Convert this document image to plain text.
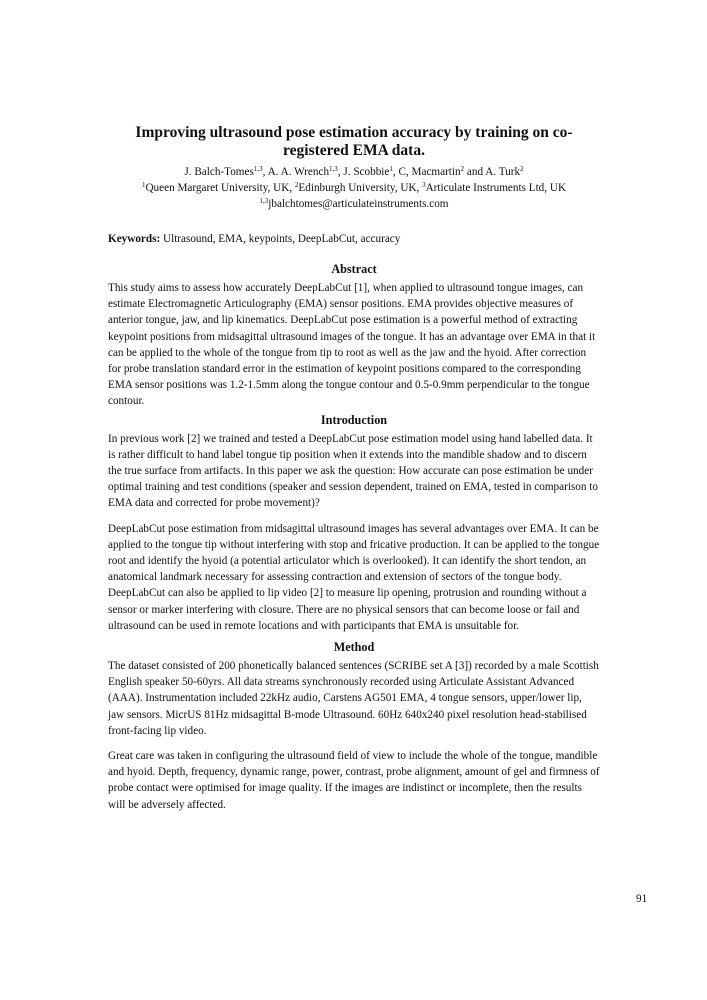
Improving ultrasound pose estimation accuracy by training on co-registered EMA data.
J. Balch-Tomes$^{1,3}$, A. A. Wrench$^{1,3}$, J. Scobbie$^1$, C, Macmartin$^2$ and A. Turk$^2$
$^1$Queen Margaret University, UK, $^2$Edinburgh University, UK, $^3$Articulate Instruments Ltd, UK
$^{1,3}$jbalchtomes@articulateinstruments.com
Keywords: Ultrasound, EMA, keypoints, DeepLabCut, accuracy
Abstract

This study aims to assess how accurately DeepLabCut [1], when applied to ultrasound tongue images, can estimate Electromagnetic Articulography (EMA) sensor positions. EMA provides objective measures of anterior tongue, jaw, and lip kinematics. DeepLabCut pose estimation is a powerful method of extracting keypoint positions from midsagittal ultrasound images of the tongue. It has an advantage over EMA in that it can be applied to the whole of the tongue from tip to root as well as the jaw and the hyoid. After correction for probe translation standard error in the estimation of keypoint positions compared to the corresponding EMA sensor positions was 1.2-1.5mm along the tongue contour and 0.5-0.9mm perpendicular to the tongue contour.

Introduction

In previous work [2] we trained and tested a DeepLabCut pose estimation model using hand labelled data. It is rather difficult to hand label tongue tip position when it extends into the mandible shadow and to discern the true surface from artifacts. In this paper we ask the question: How accurate can pose estimation be under optimal training and test conditions (speaker and session dependent, trained on EMA, tested in comparison to EMA data and corrected for probe movement)?

DeepLabCut pose estimation from midsagittal ultrasound images has several advantages over EMA. It can be applied to the tongue tip without interfering with stop and fricative production. It can be applied to the tongue root and identify the hyoid (a potential articulator which is overlooked). It can identify the short tendon, an anatomical landmark necessary for assessing contraction and extension of sectors of the tongue body. DeepLabCut can also be applied to lip video [2] to measure lip opening, protrusion and rounding without a sensor or marker interfering with closure. There are no physical sensors that can become loose or fail and ultrasound can be used in remote locations and with participants that EMA is unsuitable for.

Method

The dataset consisted of 200 phonetically balanced sentences (SCRIBE set A [3]) recorded by a male Scottish English speaker 50-60yrs. All data streams synchronously recorded using Articulate Assistant Advanced (AAA). Instrumentation included 22kHz audio, Carstens AG501 EMA, 4 tongue sensors, upper/lower lip, jaw sensors. MicrUS 81Hz midsagittal B-mode Ultrasound. 60Hz 640x240 pixel resolution head-stabilised front-facing lip video.

Great care was taken in configuring the ultrasound field of view to include the whole of the tongue, mandible and hyoid. Depth, frequency, dynamic range, power, contrast, probe alignment, amount of gel and firmness of probe contact were optimised for image quality. If the images are indistinct or incomplete, then the results will be adversely affected.

91
